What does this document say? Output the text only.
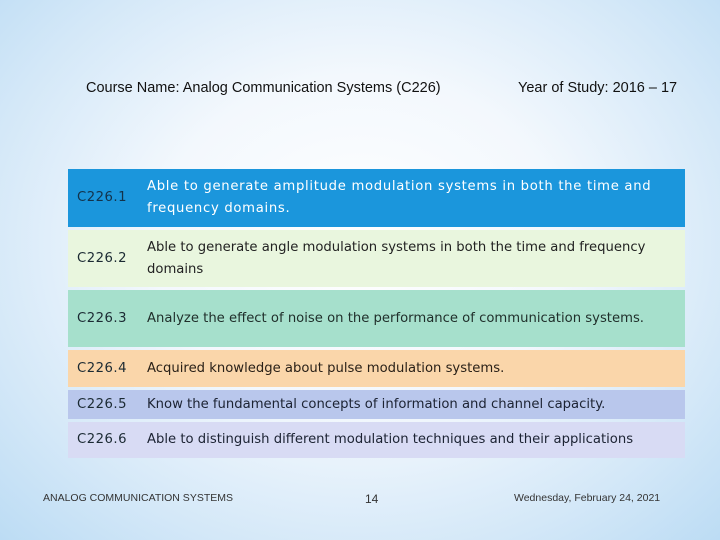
Course Name: Analog Communication Systems (C226)	Year of Study: 2016 – 17
C226.1	Able to generate amplitude modulation systems in both the time and frequency domains.
C226.2	Able to generate angle modulation systems in both the time and frequency domains
C226.3	Analyze the effect of noise on the performance of communication systems.
C226.4	Acquired knowledge about pulse modulation systems.
C226.5	Know the fundamental concepts of information and channel capacity.
C226.6	Able to distinguish different modulation techniques and their applications
ANALOG COMMUNICATION SYSTEMS	14	Wednesday, February 24, 2021
